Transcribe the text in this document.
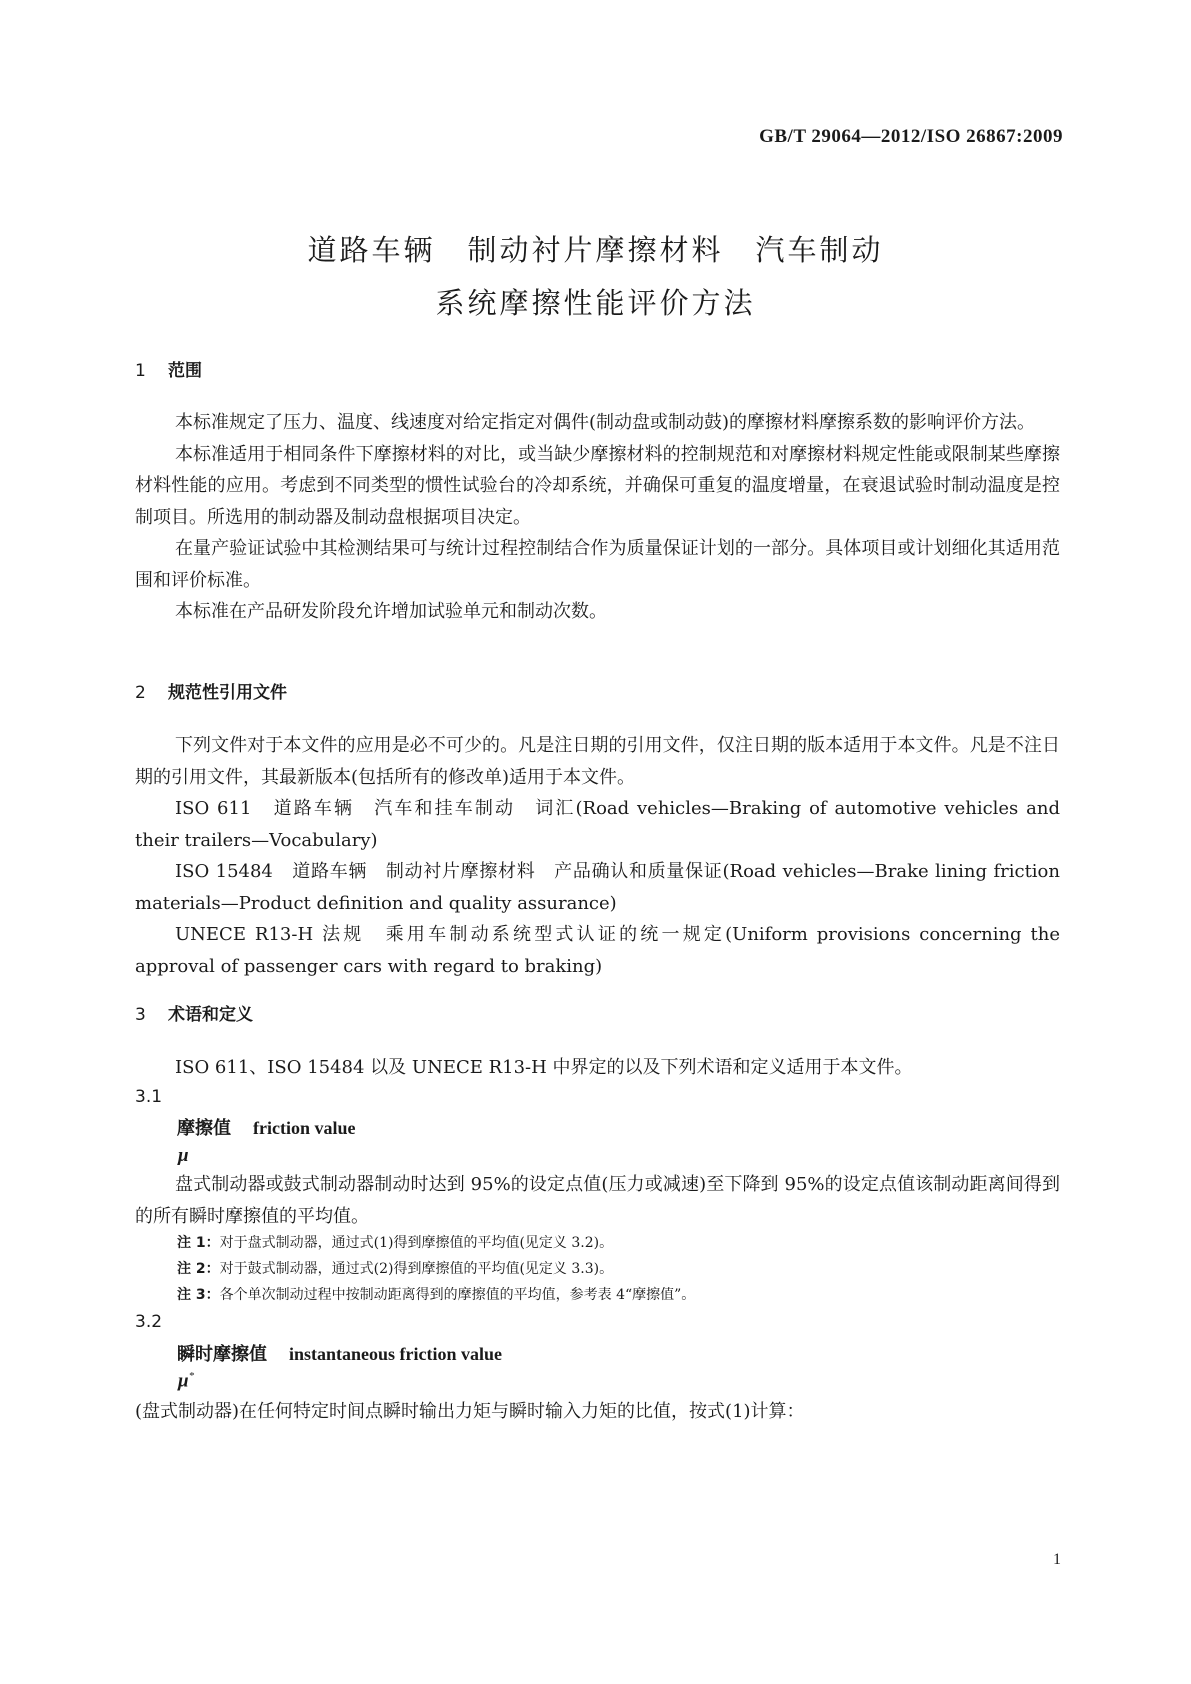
GB/T 29064—2012/ISO 26867:2009
道路车辆　制动衬片摩擦材料　汽车制动
系统摩擦性能评价方法
1 范围

本标准规定了压力、温度、线速度对给定指定对偶件(制动盘或制动鼓)的摩擦材料摩擦系数的影响评价方法。

本标准适用于相同条件下摩擦材料的对比，或当缺少摩擦材料的控制规范和对摩擦材料规定性能或限制某些摩擦材料性能的应用。考虑到不同类型的惯性试验台的冷却系统，并确保可重复的温度增量，在衰退试验时制动温度是控制项目。所选用的制动器及制动盘根据项目决定。

在量产验证试验中其检测结果可与统计过程控制结合作为质量保证计划的一部分。具体项目或计划细化其适用范围和评价标准。

本标准在产品研发阶段允许增加试验单元和制动次数。

2 规范性引用文件

下列文件对于本文件的应用是必不可少的。凡是注日期的引用文件，仅注日期的版本适用于本文件。凡是不注日期的引用文件，其最新版本(包括所有的修改单)适用于本文件。

ISO 611　道路车辆　汽车和挂车制动　词汇(Road vehicles—Braking of automotive vehicles and their trailers—Vocabulary)

ISO 15484　道路车辆　制动衬片摩擦材料　产品确认和质量保证(Road vehicles—Brake lining friction materials—Product definition and quality assurance)

UNECE R13-H 法规　乘用车制动系统型式认证的统一规定(Uniform provisions concerning the approval of passenger cars with regard to braking)

3 术语和定义

ISO 611、ISO 15484 以及 UNECE R13-H 中界定的以及下列术语和定义适用于本文件。

3.1
摩擦值 friction value
μ

盘式制动器或鼓式制动器制动时达到 95%的设定点值(压力或减速)至下降到 95%的设定点值该制动距离间得到的所有瞬时摩擦值的平均值。

注 1：对于盘式制动器，通过式(1)得到摩擦值的平均值(见定义 3.2)。
注 2：对于鼓式制动器，通过式(2)得到摩擦值的平均值(见定义 3.3)。
注 3：各个单次制动过程中按制动距离得到的摩擦值的平均值，参考表 4“摩擦值”。
3.2
瞬时摩擦值 instantaneous friction value
μ*

(盘式制动器)在任何特定时间点瞬时输出力矩与瞬时输入力矩的比值，按式(1)计算：

1
